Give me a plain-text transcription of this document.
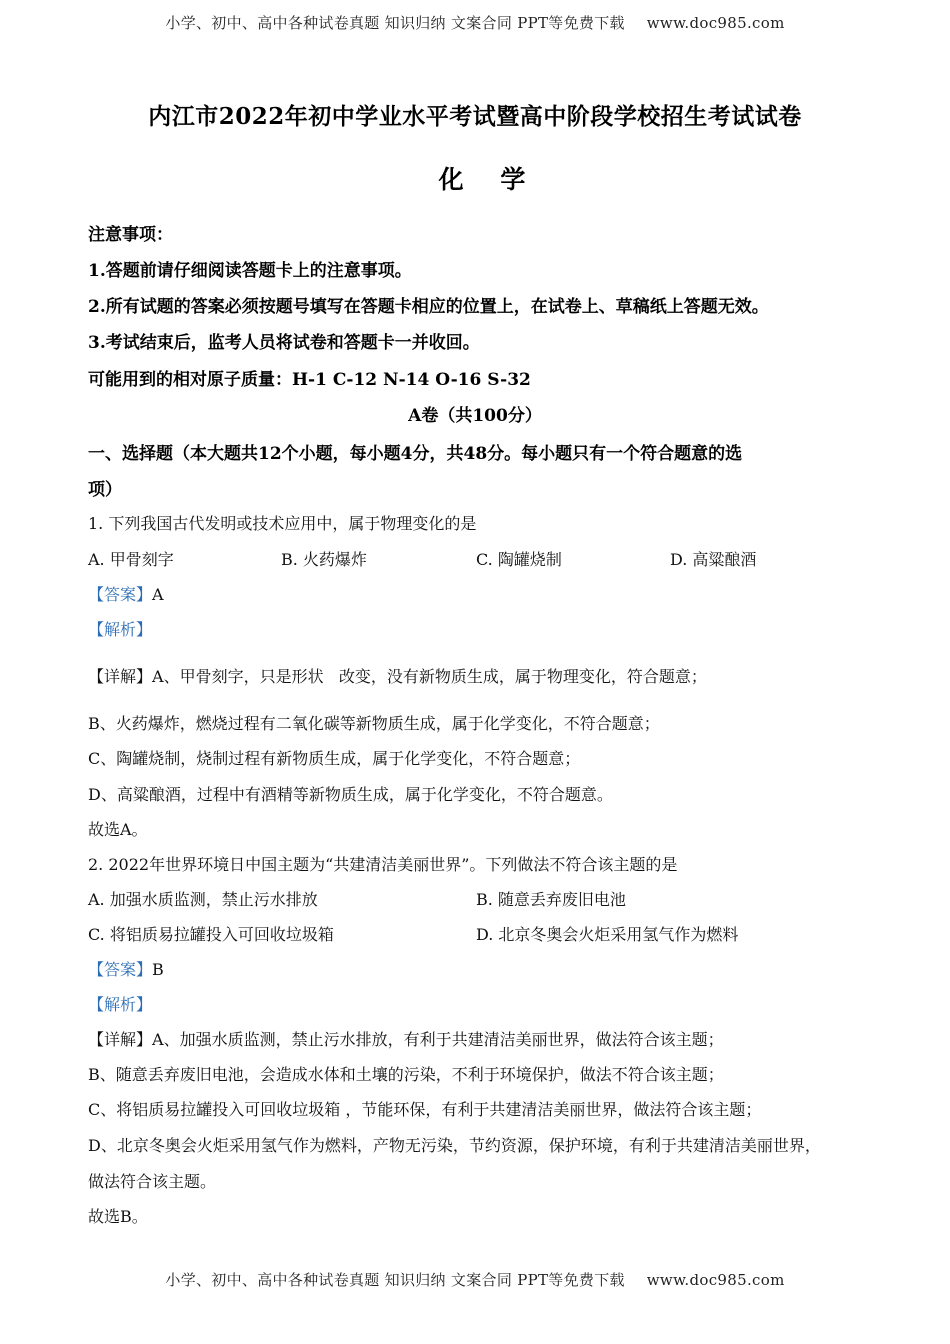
小学、初中、高中各种试卷真题 知识归纳 文案合同 PPT等免费下载 www.doc985.com
内江市2022年初中学业水平考试暨高中阶段学校招生考试试卷
化 学
注意事项：
1.答题前请仔细阅读答题卡上的注意事项。
2.所有试题的答案必须按题号填写在答题卡相应的位置上，在试卷上、草稿纸上答题无效。
3.考试结束后，监考人员将试卷和答题卡一并收回。
可能用到的相对原子质量：H-1 C-12 N-14 O-16 S-32
A卷（共100分）
一、选择题（本大题共12个小题，每小题4分，共48分。每小题只有一个符合题意的选
项）
1. 下列我国古代发明或技术应用中，属于物理变化的是
A. 甲骨刻字	B. 火药爆炸	C. 陶罐烧制	D. 高粱酿酒
【答案】A
【解析】
【详解】A、甲骨刻字，只是形状   改变，没有新物质生成，属于物理变化，符合题意；
B、火药爆炸，燃烧过程有二氧化碳等新物质生成，属于化学变化，不符合题意；
C、陶罐烧制，烧制过程有新物质生成，属于化学变化，不符合题意；
D、高粱酿酒，过程中有酒精等新物质生成，属于化学变化，不符合题意。
故选A。
2. 2022年世界环境日中国主题为“共建清洁美丽世界”。下列做法不符合该主题的是
A. 加强水质监测，禁止污水排放	B. 随意丢弃废旧电池
C. 将铝质易拉罐投入可回收垃圾箱	D. 北京冬奥会火炬采用氢气作为燃料
【答案】B
【解析】
【详解】A、加强水质监测，禁止污水排放，有利于共建清洁美丽世界，做法符合该主题；
B、随意丢弃废旧电池，会造成水体和土壤的污染，不利于环境保护，做法不符合该主题；
C、将铝质易拉罐投入可回收垃圾箱 ，节能环保，有利于共建清洁美丽世界，做法符合该主题；
D、北京冬奥会火炬采用氢气作为燃料，产物无污染，节约资源，保护环境，有利于共建清洁美丽世界，
做法符合该主题。
故选B。
小学、初中、高中各种试卷真题 知识归纳 文案合同 PPT等免费下载 www.doc985.com
